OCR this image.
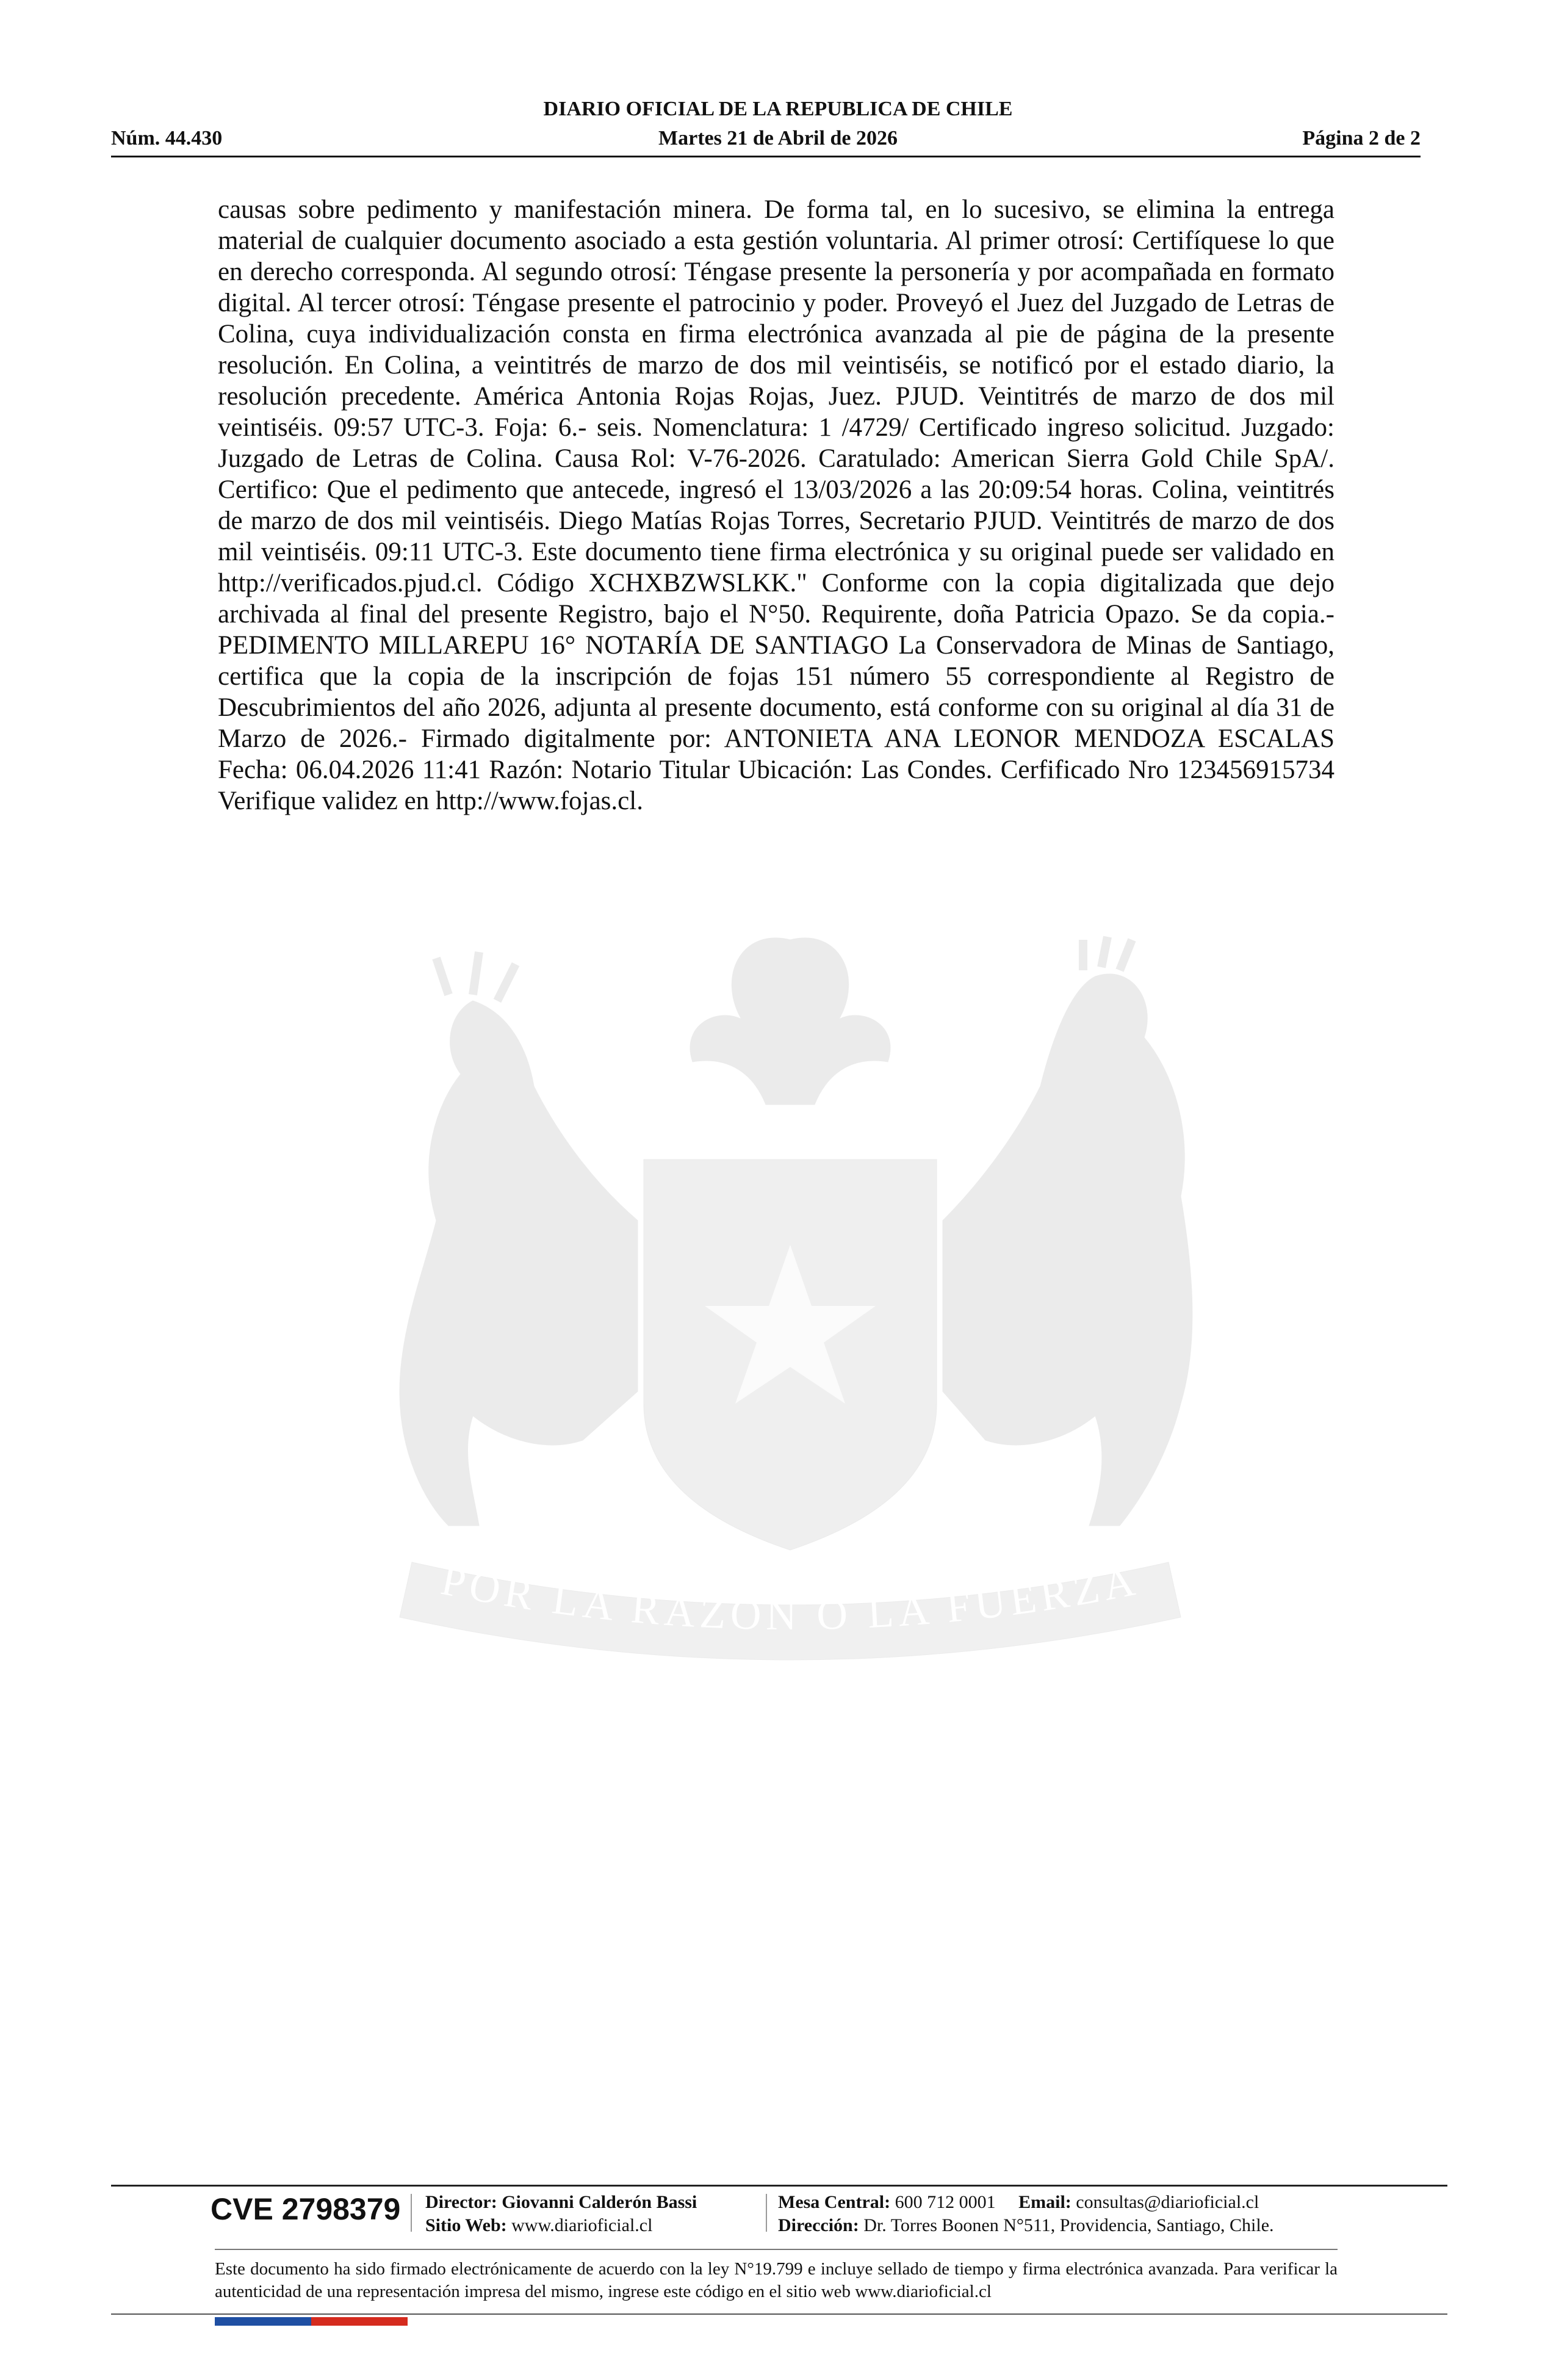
DIARIO OFICIAL DE LA REPUBLICA DE CHILE
Martes 21 de Abril de 2026
Núm. 44.430	Página 2 de 2
POR LA RAZON O LA FUERZA
causas sobre pedimento y manifestación minera. De forma tal, en lo sucesivo, se elimina la entrega material de cualquier documento asociado a esta gestión voluntaria. Al primer otrosí: Certifíquese lo que en derecho corresponda. Al segundo otrosí: Téngase presente la personería y por acompañada en formato digital. Al tercer otrosí: Téngase presente el patrocinio y poder. Proveyó el Juez del Juzgado de Letras de Colina, cuya individualización consta en firma electrónica avanzada al pie de página de la presente resolución. En Colina, a veintitrés de marzo de dos mil veintiséis, se notificó por el estado diario, la resolución precedente. América Antonia Rojas Rojas, Juez. PJUD. Veintitrés de marzo de dos mil veintiséis. 09:57 UTC-3. Foja: 6.- seis. Nomenclatura: 1 /4729/ Certificado ingreso solicitud. Juzgado: Juzgado de Letras de Colina. Causa Rol: V-76-2026. Caratulado: American Sierra Gold Chile SpA/. Certifico: Que el pedimento que antecede, ingresó el 13/03/2026 a las 20:09:54 horas. Colina, veintitrés de marzo de dos mil veintiséis. Diego Matías Rojas Torres, Secretario PJUD. Veintitrés de marzo de dos mil veintiséis. 09:11 UTC-3. Este documento tiene firma electrónica y su original puede ser validado en http://verificados.pjud.cl. Código XCHXBZWSLKK." Conforme con la copia digitalizada que dejo archivada al final del presente Registro, bajo el N°50. Requirente, doña Patricia Opazo. Se da copia.- PEDIMENTO MILLAREPU 16° NOTARÍA DE SANTIAGO La Conservadora de Minas de Santiago, certifica que la copia de la inscripción de fojas 151 número 55 correspondiente al Registro de Descubrimientos del año 2026, adjunta al presente documento, está conforme con su original al día 31 de Marzo de 2026.- Firmado digitalmente por: ANTONIETA ANA LEONOR MENDOZA ESCALAS Fecha: 06.04.2026 11:41 Razón: Notario Titular Ubicación: Las Condes. Cerfificado Nro 123456915734 Verifique validez en http://www.fojas.cl.
CVE 2798379 Director: Giovanni Calderón Bassi
Sitio Web: www.diarioficial.cl
Mesa Central: 600 712 0001 Email: consultas@diarioficial.cl
Dirección: Dr. Torres Boonen N°511, Providencia, Santiago, Chile.
Este documento ha sido firmado electrónicamente de acuerdo con la ley N°19.799 e incluye sellado de tiempo y firma electrónica avanzada. Para verificar la autenticidad de una representación impresa del mismo, ingrese este código en el sitio web www.diarioficial.cl
